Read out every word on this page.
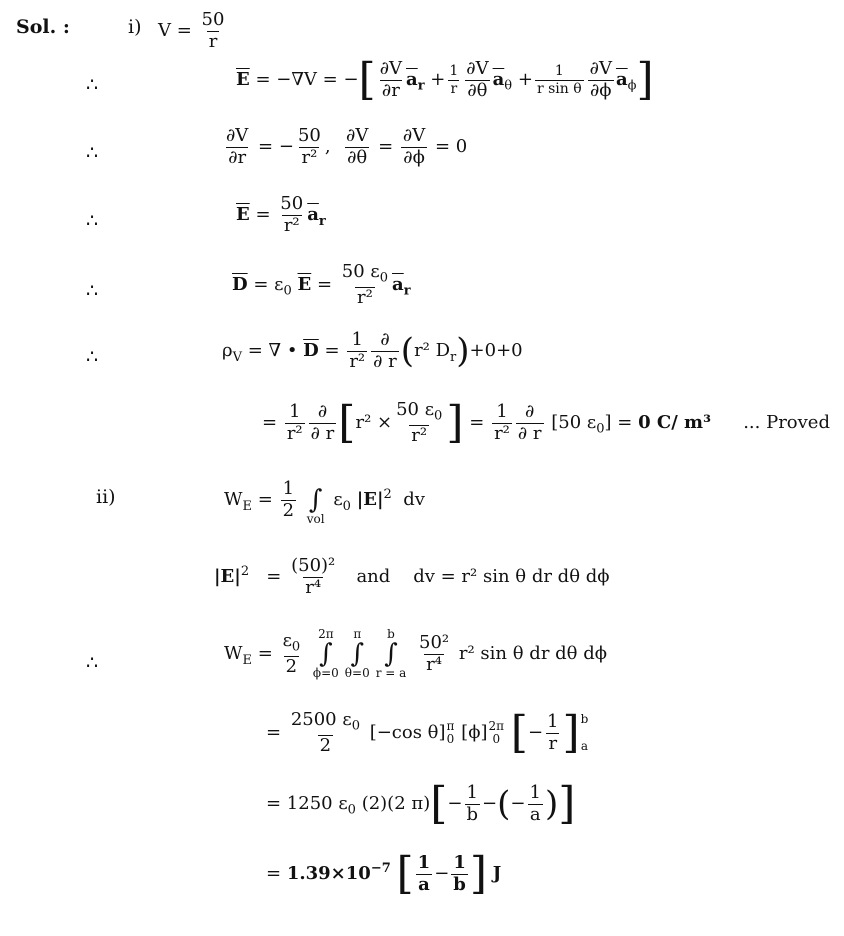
Sol. :	i) $V = \frac{50}{r}$
∴	$\overline{E} = -\nabla V$ = −[ $\frac{\partial V}{\partial r} \overline{a}_r + \frac{1}{r} \frac{\partial V}{\partial\theta} \overline{a}_\theta + \frac{1}{\text{r sin θ}} \frac{\partial V}{\partial\phi} \overline{a}_\phi$]
∴	$\frac{\partial V}{\partial r}$ = − $\frac{50}{\text{r²}}$ , $\frac{\partial V}{\partial\theta} = \frac{\partial V}{\partial\phi} = 0$
∴	$\overline{E} = \frac{50}{\text{r²}} \overline{a}_r$
∴	$\overline{D} = \varepsilon_0$ $\overline{E} = \frac{50 \varepsilon_0}{\text{r²}} \overline{a}_r$
∴	$\rho_V$ = ∇ • $\overline{D} = \frac{1}{\text{r²}} \frac{\partial}{\partial r} (r^2$ $D_r)+0+0$
= $\frac{1}{\text{r²}} \frac{\partial}{\partial r} [r^2 \times \frac{50 \varepsilon_0}{\text{r²}}$ ] = $\frac{1}{\text{r²}} \frac{\partial}{\partial r} [50$ $\varepsilon_0] = 0$ C/ m³ ... Proved
ii)	$W_E = \frac{1}{2}$

∫
vol
$\varepsilon_0$ $|E|^2$ dv
$|E|^2 = \frac{\text{(50)²}}{\text{r⁴}}$ and dv = r² sin θ dr dθ dϕ
∴	$W_E = \frac{\varepsilon_0}{2}$
2π
∫
ϕ=0
π
∫
θ=0
b
∫
r = a
$\frac{\text{50²}}{\text{r⁴}} r^2$ sin θ dr dθ dϕ
= $\frac{2500 \varepsilon_0}{2} [-\cos$ θ] π
0 [ϕ] 2π
0 [− $\frac{1}{r}$ ] b

a
= 1250 $\varepsilon_0$ (2)(2 $\pi)[- \frac{1}{b}$ −(− $\frac{1}{a}$ )]
= $1.39\times 10^{-7}$ [ $\frac{1}{a} - \frac{1}{b}$ ] J
